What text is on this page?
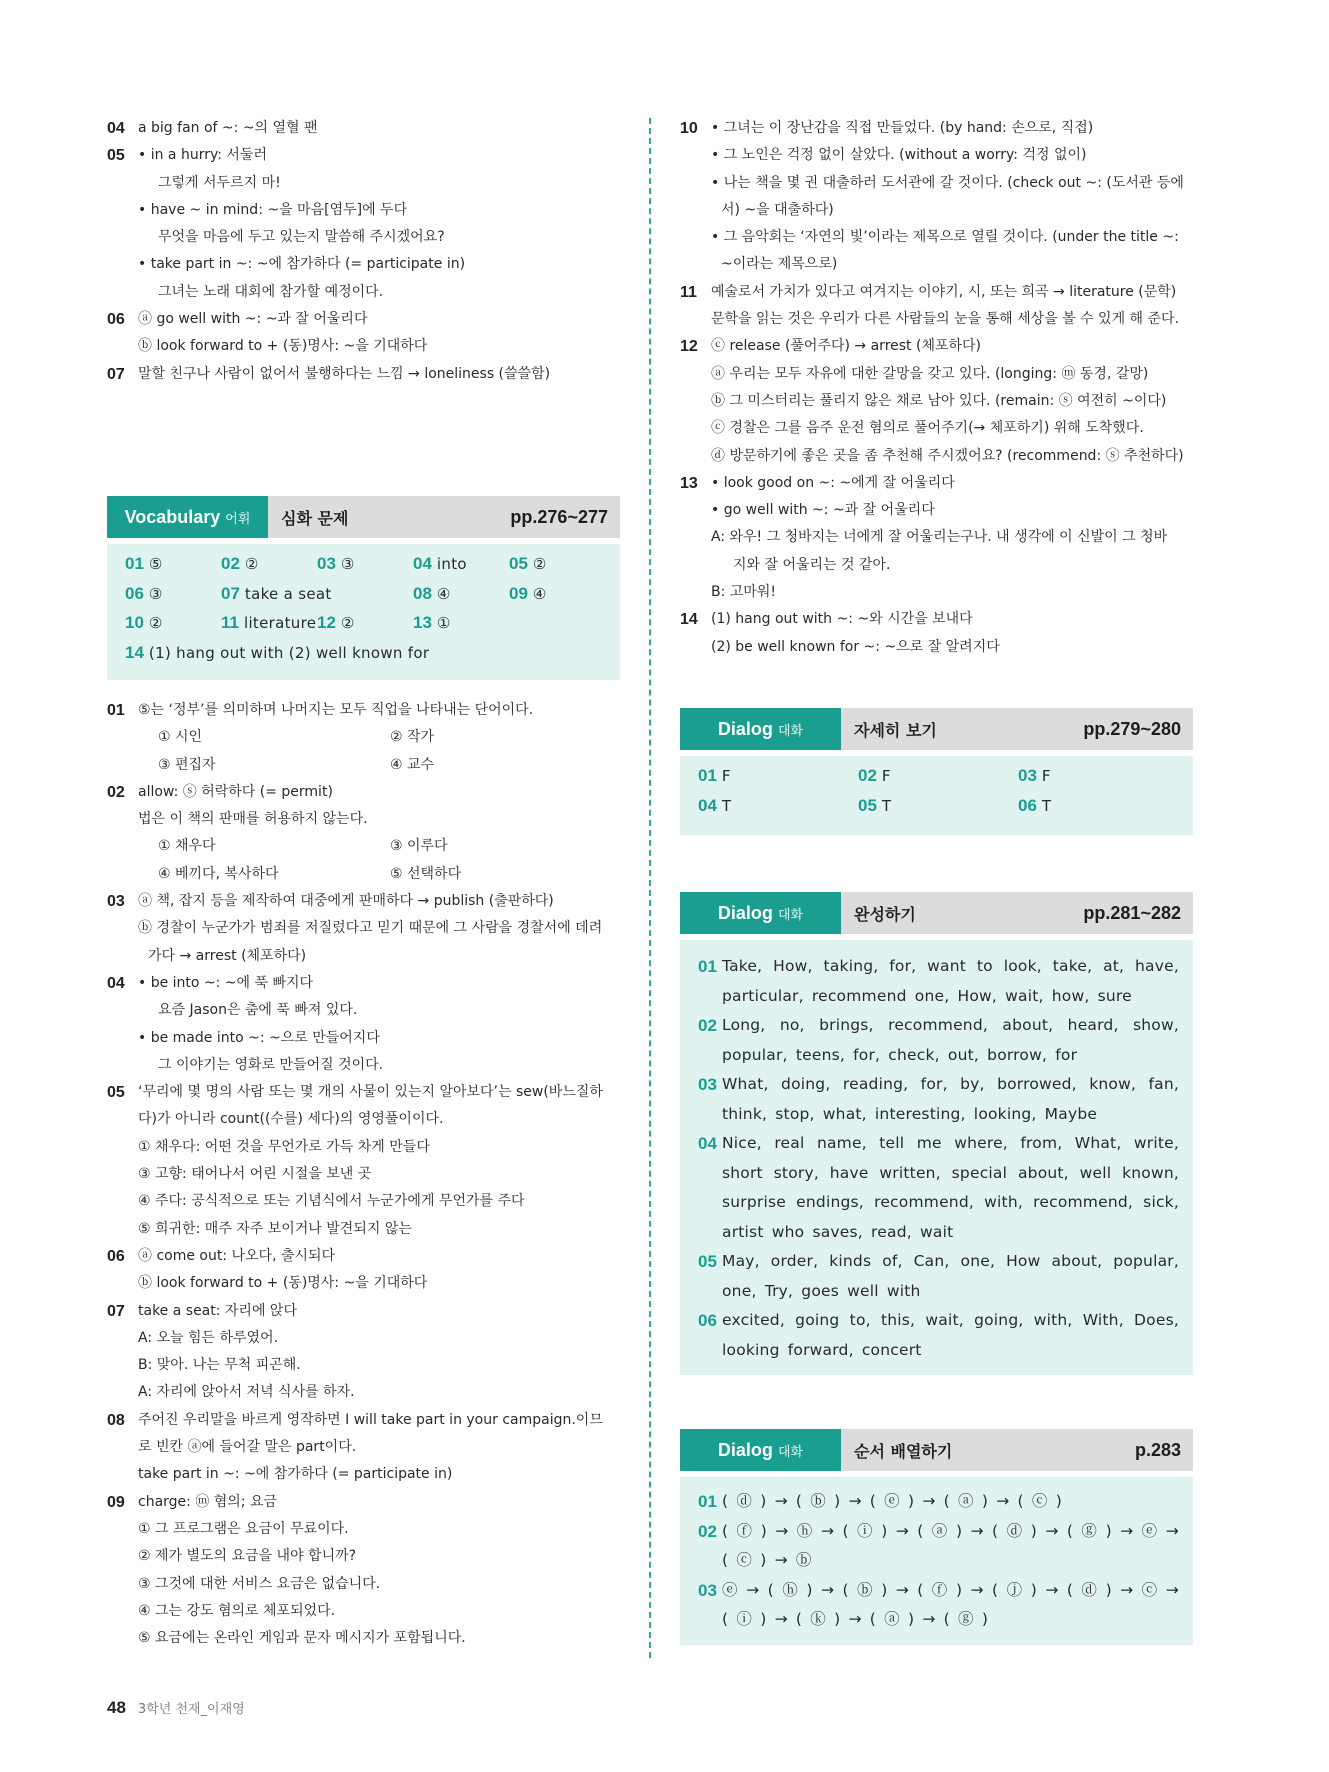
04 a big fan of ~: ~의 열혈 팬
05 • in a hurry: 서둘러
그렇게 서두르지 마!
• have ~ in mind: ~을 마음[염두]에 두다
무엇을 마음에 두고 있는지 말씀해 주시겠어요?
• take part in ~: ~에 참가하다 (= participate in)
그녀는 노래 대회에 참가할 예정이다.
06 ⓐ go well with ~: ~과 잘 어울리다
ⓑ look forward to + (동)명사: ~을 기대하다
07 말할 친구나 사람이 없어서 불행하다는 느낌 → loneliness (쓸쓸함)
10 • 그녀는 이 장난감을 직접 만들었다. (by hand: 손으로, 직접)
• 그 노인은 걱정 없이 살았다. (without a worry: 걱정 없이)
• 나는 책을 몇 권 대출하러 도서관에 갈 것이다. (check out ~: (도서관 등에
서) ~을 대출하다)
• 그 음악회는 ‘자연의 빛’이라는 제목으로 열릴 것이다. (under the title ~:
~이라는 제목으로)
11	예술로서 가치가 있다고 여겨지는 이야기, 시, 또는 희곡 → literature (문학)
문학을 읽는 것은 우리가 다른 사람들의 눈을 통해 세상을 볼 수 있게 해 준다.
12 ⓒ release (풀어주다) → arrest (체포하다)
ⓐ 우리는 모두 자유에 대한 갈망을 갖고 있다. (longing: ⓜ 동경, 갈망)
ⓑ 그 미스터리는 풀리지 않은 채로 남아 있다. (remain: ⓢ 여전히 ~이다)
ⓒ 경찰은 그를 음주 운전 혐의로 풀어주기(→ 체포하기) 위해 도착했다.
ⓓ 방문하기에 좋은 곳을 좀 추천해 주시겠어요? (recommend: ⓢ 추천하다)
13 • look good on ~: ~에게 잘 어울리다
• go well with ~: ~과 잘 어울리다
A: 와우! 그 청바지는 너에게 잘 어울리는구나. 내 생각에 이 신발이 그 청바
지와 잘 어울리는 것 같아.
B: 고마워!
14 (1) hang out with ~: ~와 시간을 보내다
(2) be well known for ~: ~으로 잘 알려지다
Vocabulary 어휘	심화 문제	pp.276~277
01 ⑤	02 ②	03 ③	04 into 05 ②
06 ③	07 take a seat	08 ④	09 ④
10 ②	11 literature 12 ②	13 ①
14 (1) hang out with (2) well known for
01 ⑤는 ‘정부’를 의미하며 나머지는 모두 직업을 나타내는 단어이다.
① 시인	② 작가
③ 편집자	④ 교수
02 allow: ⓢ 허락하다 (= permit)
법은 이 책의 판매를 허용하지 않는다.
① 채우다	③ 이루다
④ 베끼다, 복사하다	⑤ 선택하다
03 ⓐ 책, 잡지 등을 제작하여 대중에게 판매하다 → publish (출판하다)
ⓑ 경찰이 누군가가 범죄를 저질렀다고 믿기 때문에 그 사람을 경찰서에 데려
가다 → arrest (체포하다)
04 • be into ~: ~에 푹 빠지다
요즘 Jason은 춤에 푹 빠져 있다.
• be made into ~: ~으로 만들어지다
그 이야기는 영화로 만들어질 것이다.
05 ‘무리에 몇 명의 사람 또는 몇 개의 사물이 있는지 알아보다’는 sew(바느질하
다)가 아니라 count((수를) 세다)의 영영풀이이다.
① 채우다: 어떤 것을 무언가로 가득 차게 만들다
③ 고향: 태어나서 어린 시절을 보낸 곳
④ 주다: 공식적으로 또는 기념식에서 누군가에게 무언가를 주다
⑤ 희귀한: 매주 자주 보이거나 발견되지 않는
06 ⓐ come out: 나오다, 출시되다
ⓑ look forward to + (동)명사: ~을 기대하다
07 take a seat: 자리에 앉다
A: 오늘 힘든 하루였어.
B: 맞아. 나는 무척 피곤해.
A: 자리에 앉아서 저녁 식사를 하자.
08 주어진 우리말을 바르게 영작하면 I will take part in your campaign.이므
로 빈칸 ⓐ에 들어갈 말은 part이다.
take part in ~: ~에 참가하다 (= participate in)
09 charge: ⓜ 혐의; 요금
① 그 프로그램은 요금이 무료이다.
② 제가 별도의 요금을 내야 합니까?
③ 그것에 대한 서비스 요금은 없습니다.
④ 그는 강도 혐의로 체포되었다.
⑤ 요금에는 온라인 게임과 문자 메시지가 포함됩니다.
Dialog 대화	자세히 보기	pp.279~280
01 F	02 F	03 F
04 T	05 T	06 T
Dialog 대화	완성하기	pp.281~282
01 Take, How, taking, for, want to look, take, at, have, particular, recommend one, How, wait, how, sure
02 Long, no, brings, recommend, about, heard, show, popular, teens, for, check, out, borrow, for
03 What, doing, reading, for, by, borrowed, know, fan, think, stop, what, interesting, looking, Maybe
04 Nice, real name, tell me where, from, What, write, short story, have written, special about, well known, surprise endings, recommend, with, recommend, sick, artist who saves, read, wait
05 May, order, kinds of, Can, one, How about, popular, one, Try, goes well with
06 excited, going to, this, wait, going, with, With, Does, looking forward, concert
Dialog 대화	순서 배열하기	p.283
01 ( ⓓ ) → ( ⓑ ) → ( ⓔ ) → ( ⓐ ) → ( ⓒ )
02 ( ⓕ ) → ⓗ → ( ⓘ ) → ( ⓐ ) → ( ⓓ ) → ( ⓖ ) → ⓔ → ( ⓒ ) → ⓑ
03 ⓔ → ( ⓗ ) → ( ⓑ ) → ( ⓕ ) → ( ⓙ ) → ( ⓓ ) → ⓒ → ( ⓘ ) → ( ⓚ ) → ( ⓐ ) → ( ⓖ )
48 3학년 천재_이재영
